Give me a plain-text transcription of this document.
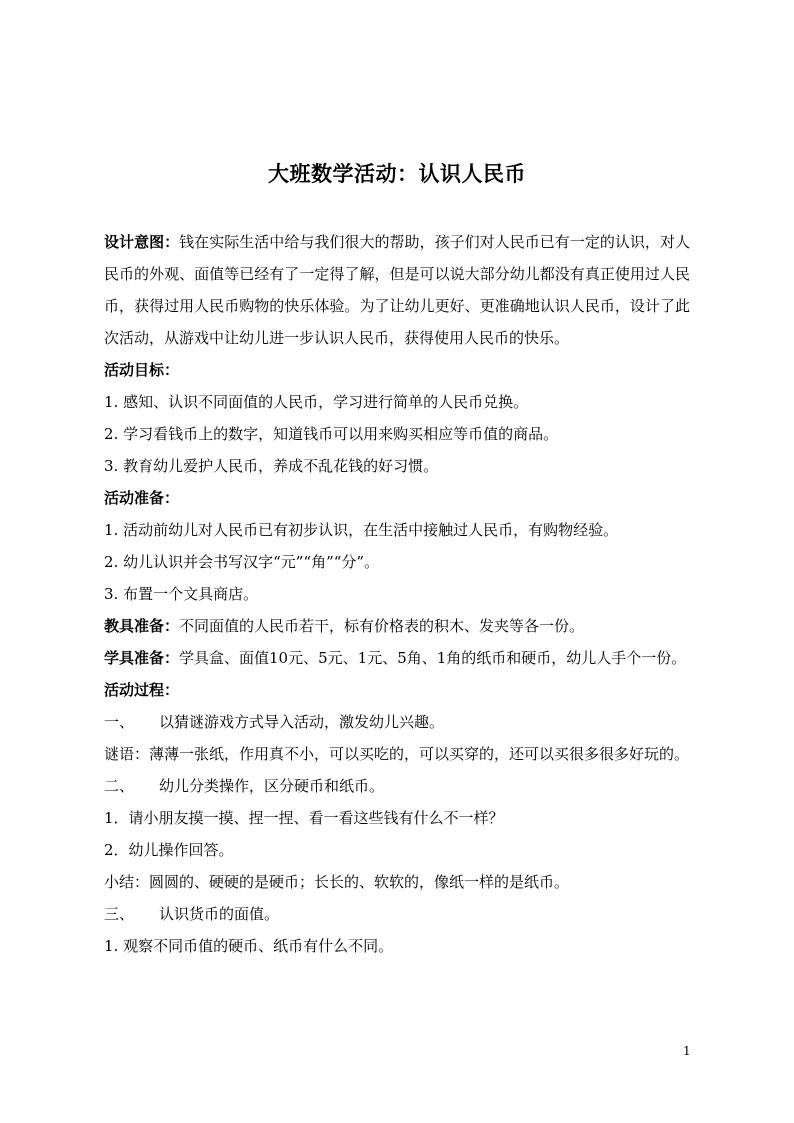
大班数学活动：认识人民币

设计意图：钱在实际生活中给与我们很大的帮助，孩子们对人民币已有一定的认识，对人民币的外观、面值等已经有了一定得了解，但是可以说大部分幼儿都没有真正使用过人民币，获得过用人民币购物的快乐体验。为了让幼儿更好、更准确地认识人民币，设计了此次活动，从游戏中让幼儿进一步认识人民币，获得使用人民币的快乐。

活动目标：

1. 感知、认识不同面值的人民币，学习进行简单的人民币兑换。

2. 学习看钱币上的数字，知道钱币可以用来购买相应等币值的商品。

3. 教育幼儿爱护人民币，养成不乱花钱的好习惯。

活动准备：

1. 活动前幼儿对人民币已有初步认识，在生活中接触过人民币，有购物经验。

2. 幼儿认识并会书写汉字“元”“角”“分”。

3. 布置一个文具商店。

教具准备：不同面值的人民币若干，标有价格表的积木、发夹等各一份。

学具准备：学具盒、面值10元、5元、1元、5角、1角的纸币和硬币，幼儿人手个一份。

活动过程：

一、 以猜谜游戏方式导入活动，激发幼儿兴趣。

谜语：薄薄一张纸，作用真不小，可以买吃的，可以买穿的，还可以买很多很多好玩的。

二、 幼儿分类操作，区分硬币和纸币。

1．请小朋友摸一摸、捏一捏、看一看这些钱有什么不一样？

2．幼儿操作回答。

小结：圆圆的、硬硬的是硬币；长长的、软软的，像纸一样的是纸币。

三、 认识货币的面值。

1. 观察不同币值的硬币、纸币有什么不同。

1
